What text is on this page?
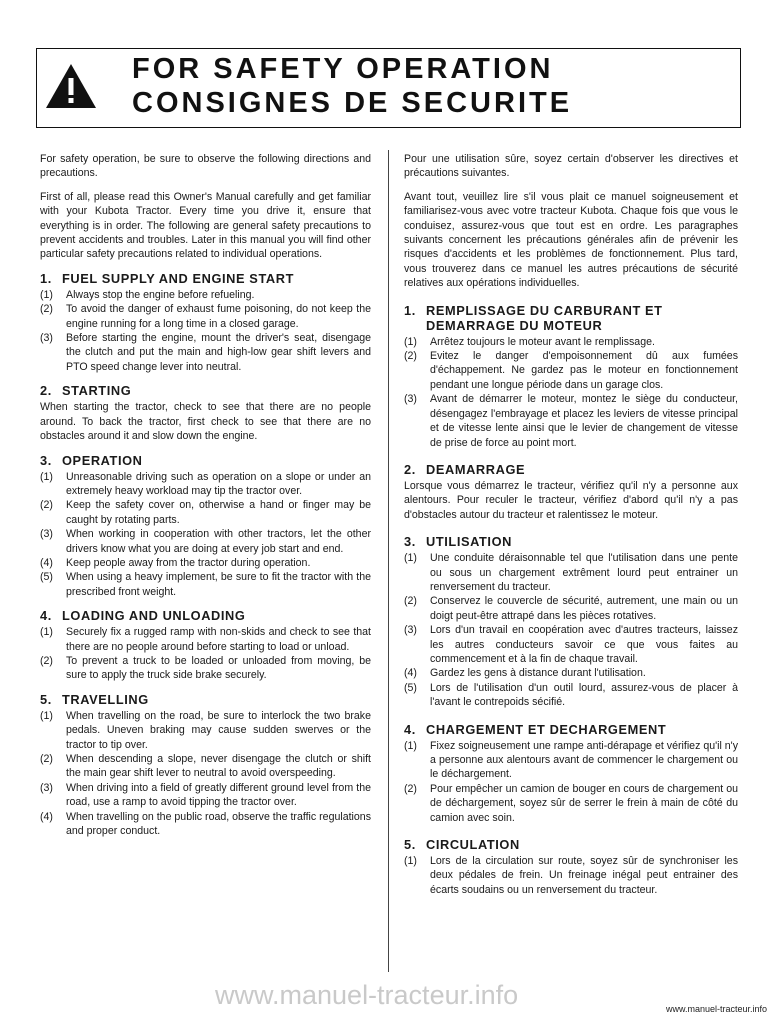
FOR SAFETY OPERATION
CONSIGNES DE SECURITE

For safety operation, be sure to observe the following directions and precautions.

First of all, please read this Owner's Manual carefully and get familiar with your Kubota Tractor. Every time you drive it, ensure that everything is in order. The following are general safety precautions to prevent accidents and troubles. Later in this manual you will find other particular safety precautions related to individual operations.

1. FUEL SUPPLY AND ENGINE START
(1)	Always stop the engine before refueling.
(2)	To avoid the danger of exhaust fume poisoning, do not keep the engine running for a long time in a closed garage.
(3)	Before starting the engine, mount the driver's seat, disengage the clutch and put the main and high-low gear shift levers and PTO speed change lever into neutral.
2. STARTING

When starting the tractor, check to see that there are no people around. To back the tractor, first check to see that there are no obstacles around it and slow down the engine.

3. OPERATION
(1)	Unreasonable driving such as operation on a slope or under an extremely heavy workload may tip the tractor over.
(2)	Keep the safety cover on, otherwise a hand or finger may be caught by rotating parts.
(3)	When working in cooperation with other tractors, let the other drivers know what you are doing at every job start and end.
(4)	Keep people away from the tractor during operation.
(5)	When using a heavy implement, be sure to fit the tractor with the prescribed front weight.
4. LOADING AND UNLOADING
(1)	Securely fix a rugged ramp with non-skids and check to see that there are no people around before starting to load or unload.
(2)	To prevent a truck to be loaded or unloaded from moving, be sure to apply the truck side brake securely.
5. TRAVELLING
(1)	When travelling on the road, be sure to interlock the two brake pedals. Uneven braking may cause sudden swerves or the tractor to tip over.
(2)	When descending a slope, never disengage the clutch or shift the main gear shift lever to neutral to avoid overspeeding.
(3)	When driving into a field of greatly different ground level from the road, use a ramp to avoid tipping the tractor over.
(4)	When travelling on the public road, observe the traffic regulations and proper conduct.

Pour une utilisation sûre, soyez certain d'observer les directives et précautions suivantes.

Avant tout, veuillez lire s'il vous plait ce manuel soigneusement et familiarisez-vous avec votre tracteur Kubota. Chaque fois que vous le conduisez, assurez-vous que tout est en ordre. Les paragraphes suivants concernent les précautions générales afin de prévenir les risques d'accidents et les problèmes de fonctionnement. Plus tard, vous trouverez dans ce manuel les autres précautions de sécurité relatives aux opérations individuelles.

1. REMPLISSAGE DU CARBURANT ET DEMARRAGE DU MOTEUR
(1)	Arrêtez toujours le moteur avant le remplissage.
(2)	Evitez le danger d'empoisonnement dû aux fumées d'échappement. Ne gardez pas le moteur en fonctionnement pendant une longue période dans un garage clos.
(3)	Avant de démarrer le moteur, montez le siège du conducteur, désengagez l'embrayage et placez les leviers de vitesse principal et de vitesse lente ainsi que le levier de changement de vitesse de prise de force au point mort.
2. DEAMARRAGE

Lorsque vous démarrez le tracteur, vérifiez qu'il n'y a personne aux alentours. Pour reculer le tracteur, vérifiez d'abord qu'il n'y a pas d'obstacles autour du tracteur et ralentissez le moteur.

3. UTILISATION
(1)	Une conduite déraisonnable tel que l'utilisation dans une pente ou sous un chargement extrêment lourd peut entrainer un renversement du tracteur.
(2)	Conservez le couvercle de sécurité, autrement, une main ou un doigt peut-être attrapé dans les pièces rotatives.
(3)	Lors d'un travail en coopération avec d'autres tracteurs, laissez les autres conducteurs savoir ce que vous faites au commencement et à la fin de chaque travail.
(4)	Gardez les gens à distance durant l'utilisation.
(5)	Lors de l'utilisation d'un outil lourd, assurez-vous de placer à l'avant le contrepoids sécifié.
4. CHARGEMENT ET DECHARGEMENT
(1)	Fixez soigneusement une rampe anti-dérapage et vérifiez qu'il n'y a personne aux alentours avant de commencer le chargement ou le déchargement.
(2)	Pour empêcher un camion de bouger en cours de chargement ou de déchargement, soyez sûr de serrer le frein à main de côté du camion avec soin.
5. CIRCULATION
(1)	Lors de la circulation sur route, soyez sûr de synchroniser les deux pédales de frein. Un freinage inégal peut entrainer des écarts soudains ou un renversement du tracteur.
www.manuel-tracteur.info	www.manuel-tracteur.info
